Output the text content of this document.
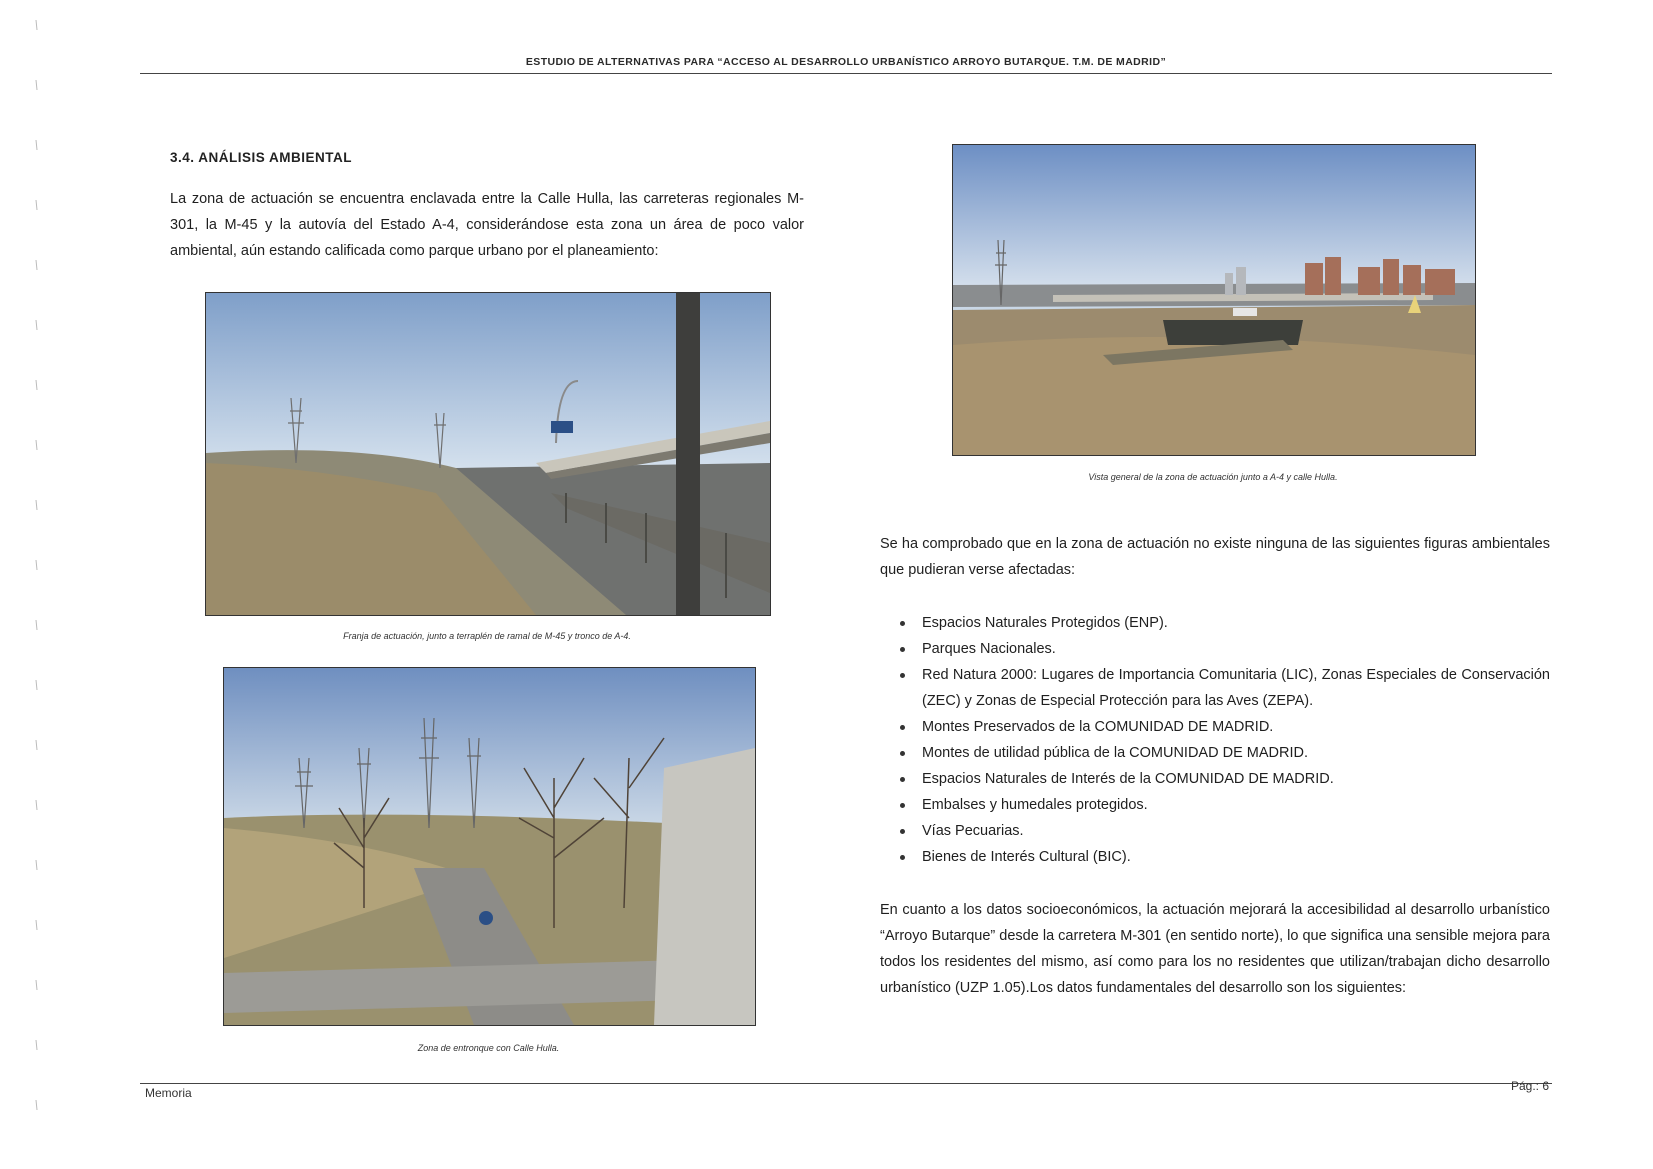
ESTUDIO DE ALTERNATIVAS PARA “ACCESO AL DESARROLLO URBANÍSTICO ARROYO BUTARQUE. T.M. DE MADRID”
3.4. ANÁLISIS AMBIENTAL
La zona de actuación se encuentra enclavada entre la Calle Hulla, las carreteras regionales M-301, la M-45 y la autovía del Estado A-4, considerándose esta zona un área de poco valor ambiental, aún estando calificada como parque urbano por el planeamiento:
Franja de actuación, junto a terraplén de ramal de M-45 y tronco de A-4.
Zona de entronque con Calle Hulla.
Vista general de la zona de actuación junto a A-4 y calle Hulla.
Se ha comprobado que en la zona de actuación no existe ninguna de las siguientes figuras ambientales que pudieran verse afectadas:
Espacios Naturales Protegidos (ENP).
Parques Nacionales.
Red Natura 2000: Lugares de Importancia Comunitaria (LIC), Zonas Especiales de Conservación (ZEC) y Zonas de Especial Protección para las Aves (ZEPA).
Montes Preservados de la COMUNIDAD DE MADRID.
Montes de utilidad pública de la COMUNIDAD DE MADRID.
Espacios Naturales de Interés de la COMUNIDAD DE MADRID.
Embalses y humedales protegidos.
Vías Pecuarias.
Bienes de Interés Cultural (BIC).
En cuanto a los datos socioeconómicos, la actuación mejorará la accesibilidad al desarrollo urbanístico “Arroyo Butarque” desde la carretera M-301 (en sentido norte), lo que significa una sensible mejora para todos los residentes del mismo, así como para los no residentes que utilizan/trabajan dicho desarrollo urbanístico (UZP 1.05).Los datos fundamentales del desarrollo son los siguientes:
Memoria	Pág.: 6
